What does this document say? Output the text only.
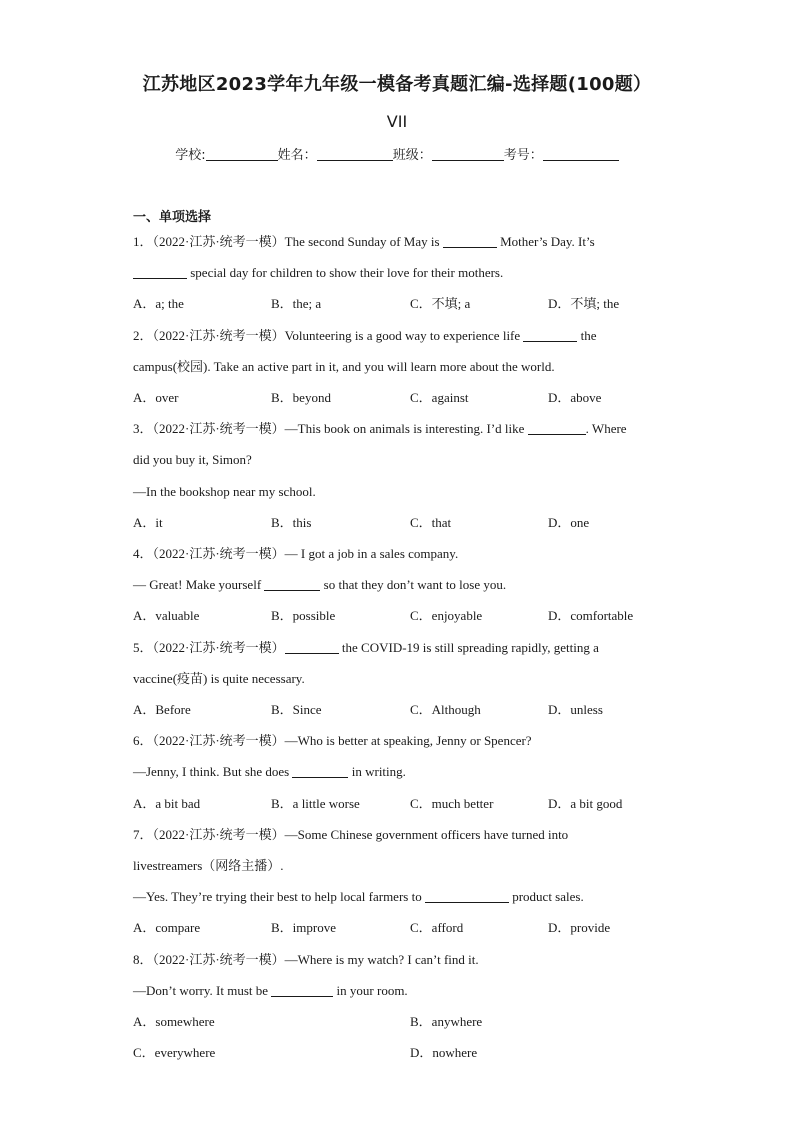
江苏地区2023学年九年级一模备考真题汇编-选择题(100题）
VII
学校:	姓名：	班级：	考号：
一、单项选择
1．（2022·江苏·统考一模）The second Sunday of May is	Mother’s Day. It’s
special day for children to show their love for their mothers.
A．a; the	B．the; a	C．不填; a	D．不填; the
2．（2022·江苏·统考一模）Volunteering is a good way to experience life	the
campus(校园). Take an active part in it, and you will learn more about the world.
A．over	B．beyond	C．against	D．above
3．（2022·江苏·统考一模）—This book on animals is interesting. I’d like	. Where
did you buy it, Simon?
—In the bookshop near my school.
A．it	B．this	C．that	D．one
4．（2022·江苏·统考一模）— I got a job in a sales company.
— Great! Make yourself	so that they don’t want to lose you.
A．valuable	B．possible	C．enjoyable	D．comfortable
5．（2022·江苏·统考一模）	the COVID-19 is still spreading rapidly, getting a
vaccine(疫苗) is quite necessary.
A．Before	B．Since	C．Although	D．unless
6．（2022·江苏·统考一模）—Who is better at speaking, Jenny or Spencer?
—Jenny, I think. But she does	in writing.
A．a bit bad	B．a little worse	C．much better	D．a bit good
7．（2022·江苏·统考一模）—Some Chinese government officers have turned into
livestreamers（网络主播）.
—Yes. They’re trying their best to help local farmers to	product sales.
A．compare	B．improve	C．afford	D．provide
8．（2022·江苏·统考一模）—Where is my watch? I can’t find it.
—Don’t worry. It must be	in your room.
A．somewhere	B．anywhere
C．everywhere	D．nowhere
